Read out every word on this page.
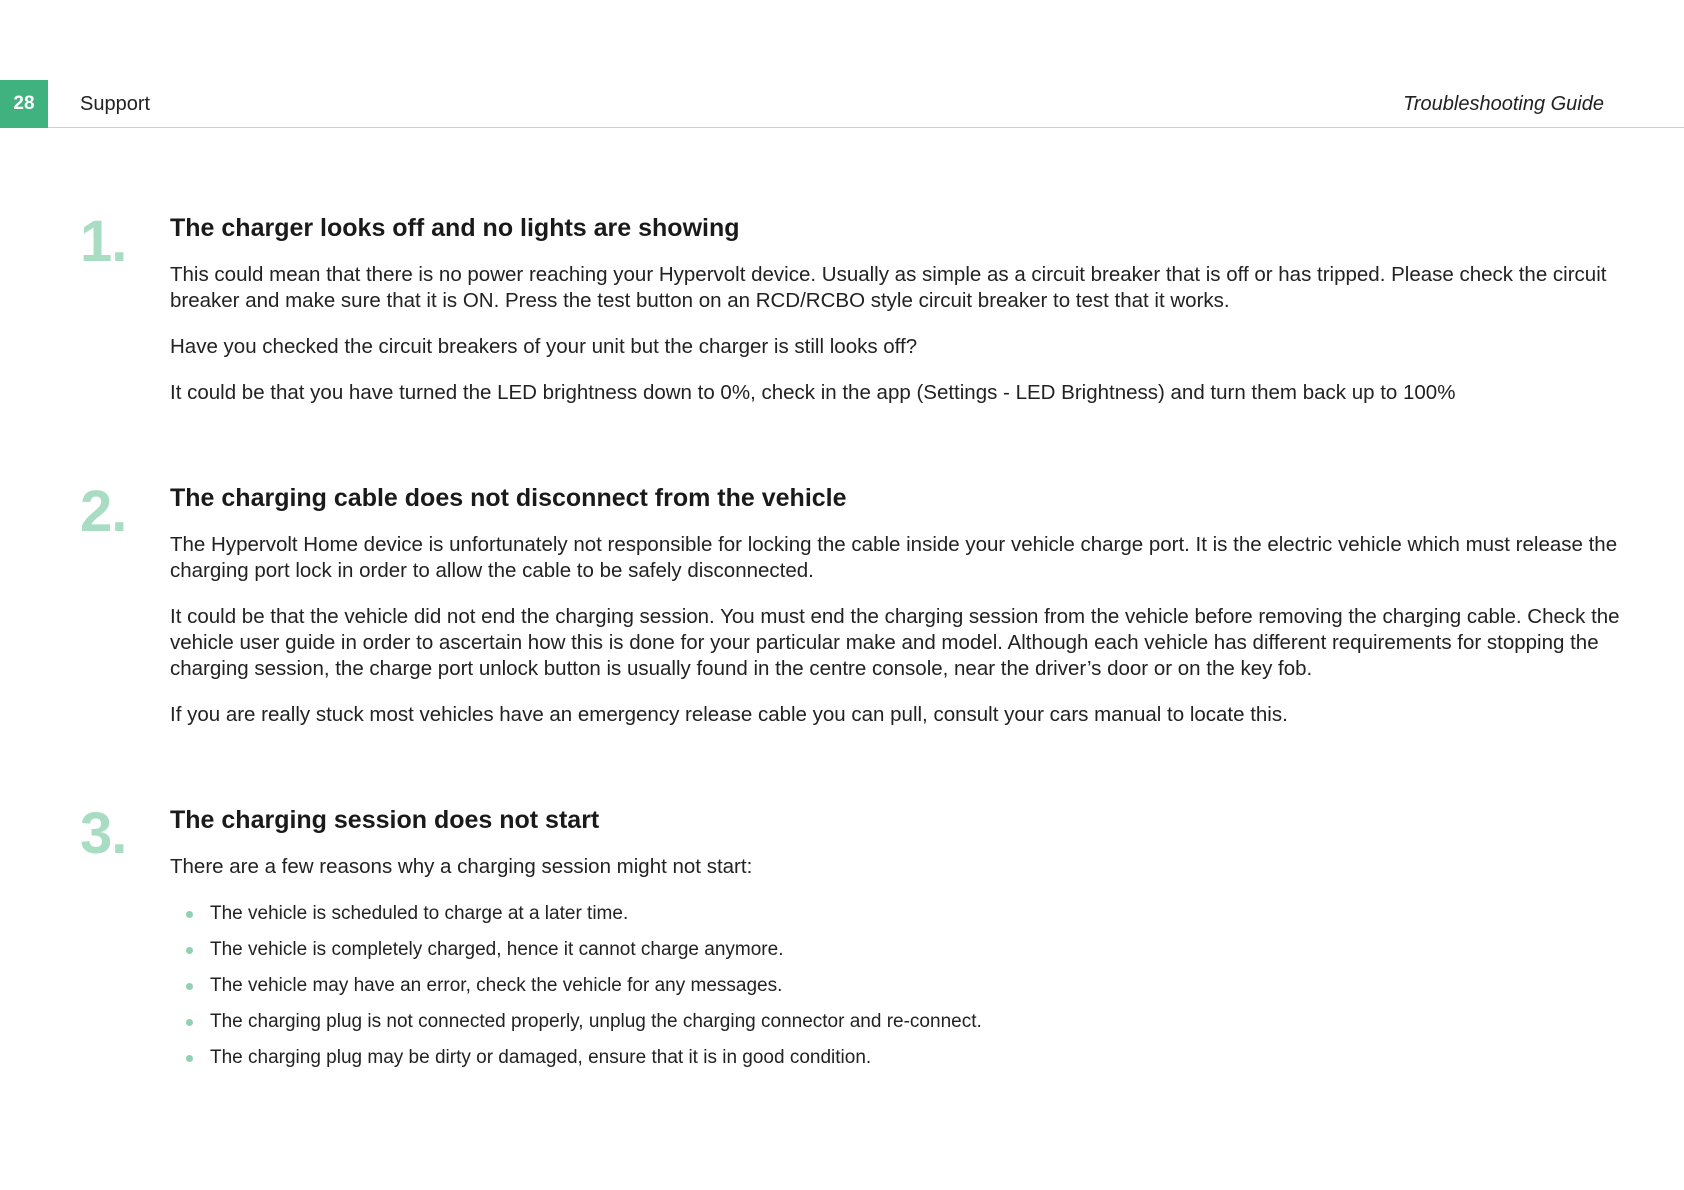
28	Support	Troubleshooting Guide
1. The charger looks off and no lights are showing

This could mean that there is no power reaching your Hypervolt device. Usually as simple as a circuit breaker that is off or has tripped. Please check the circuit breaker and make sure that it is ON. Press the test button on an RCD/RCBO style circuit breaker to test that it works.

Have you checked the circuit breakers of your unit but the charger is still looks off?

It could be that you have turned the LED brightness down to 0%, check in the app (Settings - LED Brightness) and turn them back up to 100%

2. The charging cable does not disconnect from the vehicle

The Hypervolt Home device is unfortunately not responsible for locking the cable inside your vehicle charge port. It is the electric vehicle which must release the charging port lock in order to allow the cable to be safely disconnected.

It could be that the vehicle did not end the charging session. You must end the charging session from the vehicle before removing the charging cable. Check the vehicle user guide in order to ascertain how this is done for your particular make and model. Although each vehicle has different requirements for stopping the charging session, the charge port unlock button is usually found in the centre console, near the driver’s door or on the key fob.

If you are really stuck most vehicles have an emergency release cable you can pull, consult your cars manual to locate this.

3. The charging session does not start

There are a few reasons why a charging session might not start:

The vehicle is scheduled to charge at a later time.
The vehicle is completely charged, hence it cannot charge anymore.
The vehicle may have an error, check the vehicle for any messages.
The charging plug is not connected properly, unplug the charging connector and re-connect.
The charging plug may be dirty or damaged, ensure that it is in good condition.
